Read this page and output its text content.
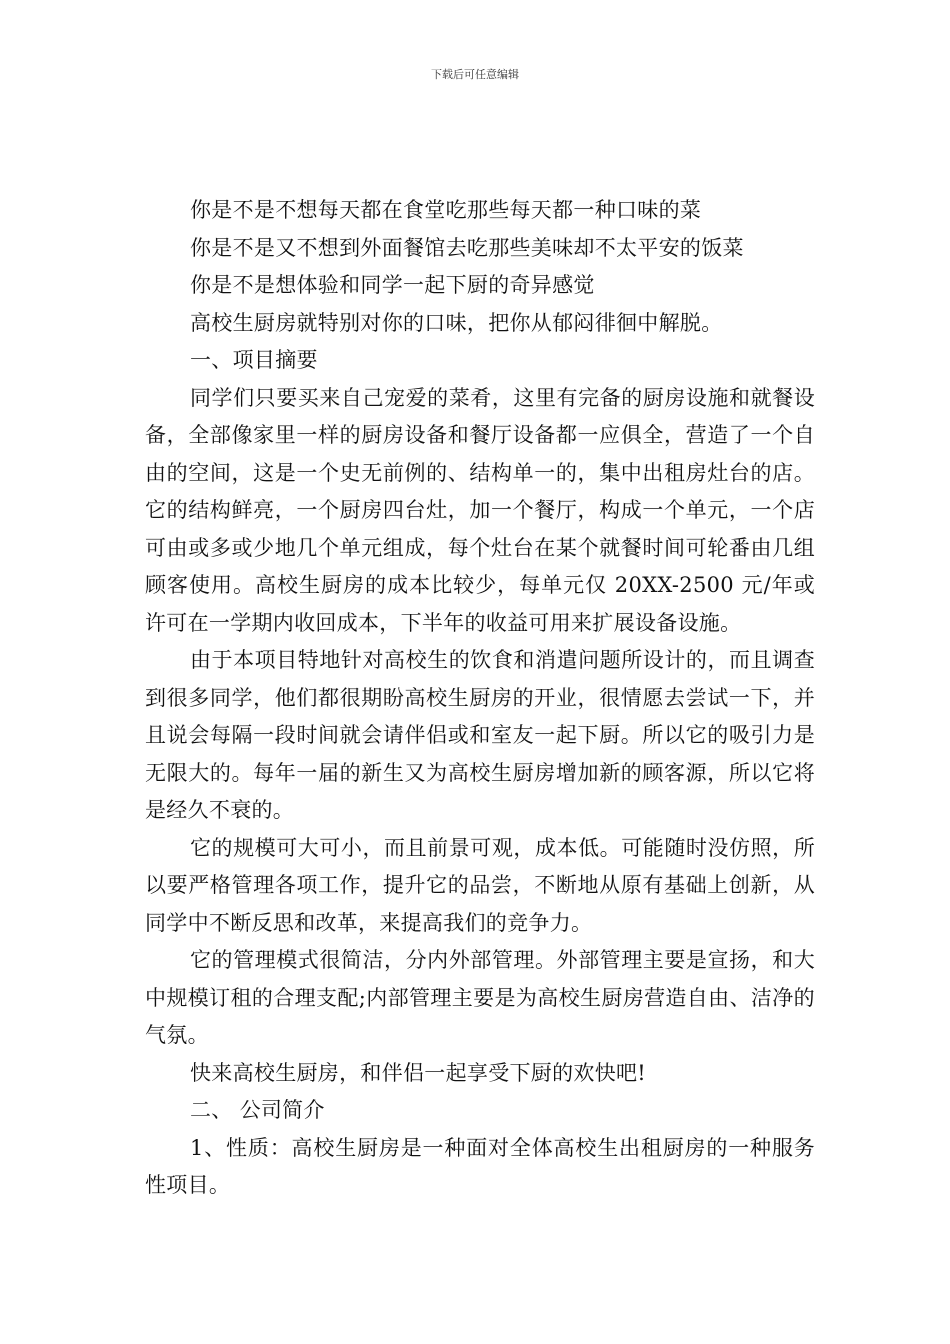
下载后可任意编辑

你是不是不想每天都在食堂吃那些每天都一种口味的菜

你是不是又不想到外面餐馆去吃那些美味却不太平安的饭菜

你是不是想体验和同学一起下厨的奇异感觉

高校生厨房就特别对你的口味，把你从郁闷徘徊中解脱。

一、项目摘要

同学们只要买来自己宠爱的菜肴，这里有完备的厨房设施和就餐设备，全部像家里一样的厨房设备和餐厅设备都一应俱全，营造了一个自由的空间，这是一个史无前例的、结构单一的，集中出租房灶台的店。它的结构鲜亮，一个厨房四台灶，加一个餐厅，构成一个单元，一个店可由或多或少地几个单元组成，每个灶台在某个就餐时间可轮番由几组顾客使用。高校生厨房的成本比较少，每单元仅 20XX-2500 元/年或许可在一学期内收回成本，下半年的收益可用来扩展设备设施。

由于本项目特地针对高校生的饮食和消遣问题所设计的，而且调查到很多同学，他们都很期盼高校生厨房的开业，很情愿去尝试一下，并且说会每隔一段时间就会请伴侣或和室友一起下厨。所以它的吸引力是无限大的。每年一届的新生又为高校生厨房增加新的顾客源，所以它将是经久不衰的。

它的规模可大可小，而且前景可观，成本低。可能随时没仿照，所以要严格管理各项工作，提升它的品尝，不断地从原有基础上创新，从同学中不断反思和改革，来提高我们的竞争力。

它的管理模式很简洁，分内外部管理。外部管理主要是宣扬，和大中规模订租的合理支配;内部管理主要是为高校生厨房营造自由、洁净的气氛。

快来高校生厨房，和伴侣一起享受下厨的欢快吧!

二、 公司简介

1、性质：高校生厨房是一种面对全体高校生出租厨房的一种服务性项目。
